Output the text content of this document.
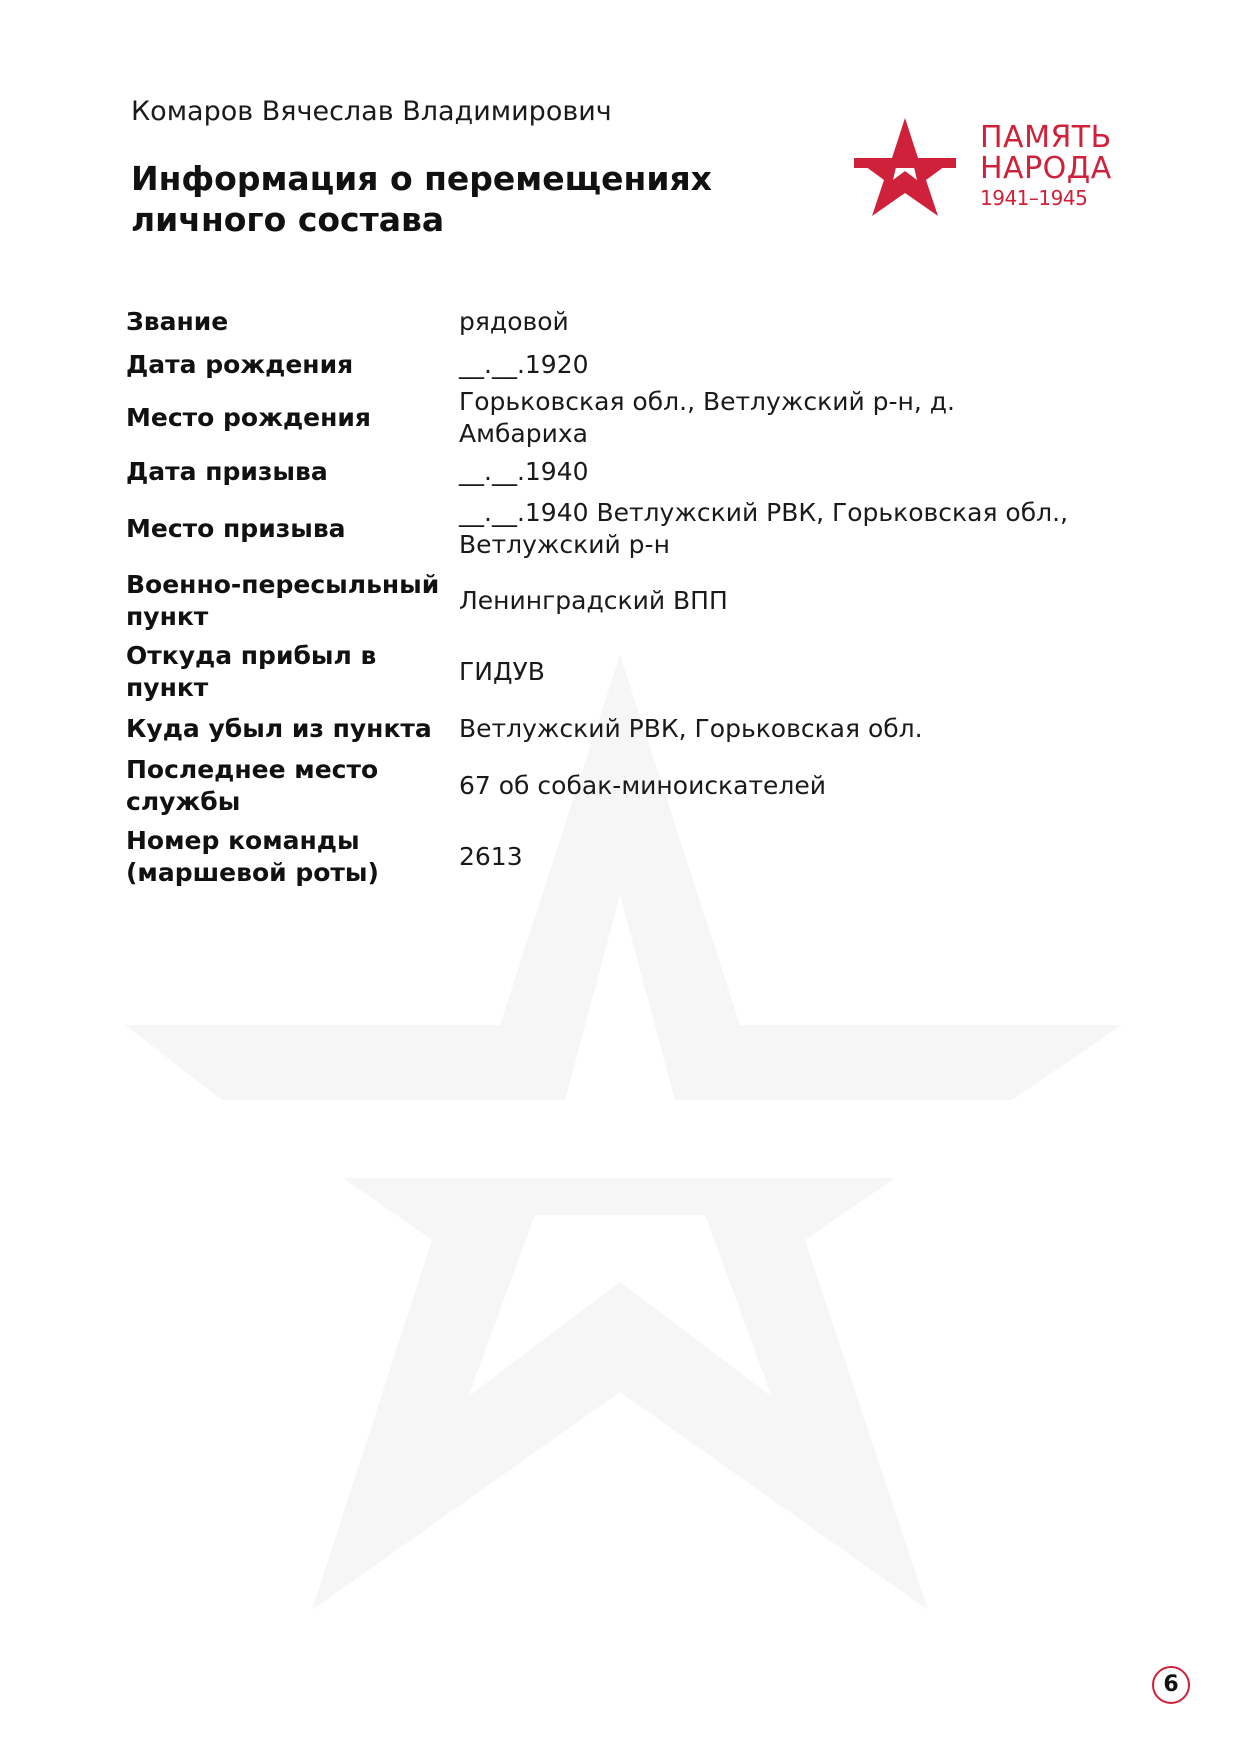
Комаров Вячеслав Владимирович
Информация о перемещениях
личного состава
ПАМЯТЬ
НАРОДА
1941–1945
Звание	рядовой
Дата рождения	__.__.1920
Место рождения	Горьковская обл., Ветлужский р-н, д. Амбариха
Дата призыва	__.__.1940
Место призыва	__.__.1940 Ветлужский РВК, Горьковская обл.,
Ветлужский р-н
Военно-пересыльный
пункт	Ленинградский ВПП
Откуда прибыл в
пункт	ГИДУВ
Куда убыл из пункта	Ветлужский РВК, Горьковская обл.
Последнее место
службы	67 об собак-миноискателей
Номер команды
(маршевой роты)	2613
6
